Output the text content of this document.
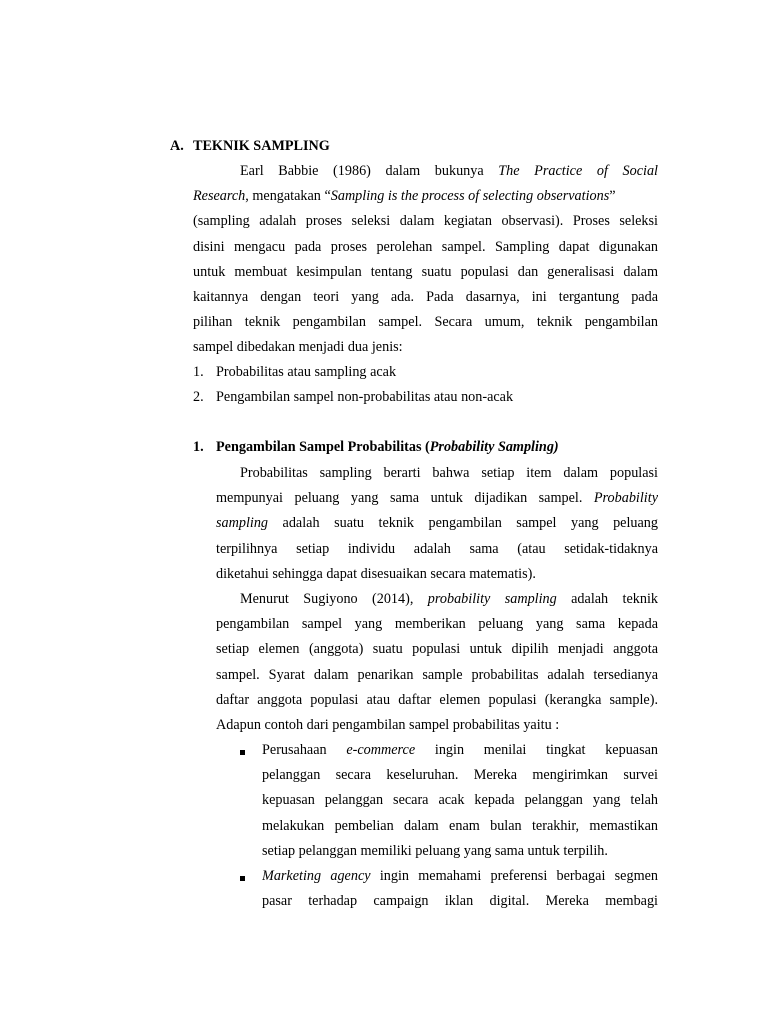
A. TEKNIK SAMPLING
Earl Babbie (1986) dalam bukunya The Practice of Social
Research, mengatakan “Sampling is the process of selecting observations”
(sampling adalah proses seleksi dalam kegiatan observasi). Proses seleksi
disini mengacu pada proses perolehan sampel. Sampling dapat digunakan
untuk membuat kesimpulan tentang suatu populasi dan generalisasi dalam
kaitannya dengan teori yang ada. Pada dasarnya, ini tergantung pada
pilihan teknik pengambilan sampel. Secara umum, teknik pengambilan
sampel dibedakan menjadi dua jenis:
1. Probabilitas atau sampling acak
2. Pengambilan sampel non-probabilitas atau non-acak
1. Pengambilan Sampel Probabilitas (Probability Sampling)
Probabilitas sampling berarti bahwa setiap item dalam populasi
mempunyai peluang yang sama untuk dijadikan sampel. Probability
sampling adalah suatu teknik pengambilan sampel yang peluang
terpilihnya setiap individu adalah sama (atau setidak-tidaknya
diketahui sehingga dapat disesuaikan secara matematis).
Menurut Sugiyono (2014), probability sampling adalah teknik
pengambilan sampel yang memberikan peluang yang sama kepada
setiap elemen (anggota) suatu populasi untuk dipilih menjadi anggota
sampel. Syarat dalam penarikan sample probabilitas adalah tersedianya
daftar anggota populasi atau daftar elemen populasi (kerangka sample).
Adapun contoh dari pengambilan sampel probabilitas yaitu :
Perusahaan e-commerce ingin menilai tingkat kepuasan
pelanggan secara keseluruhan. Mereka mengirimkan survei
kepuasan pelanggan secara acak kepada pelanggan yang telah
melakukan pembelian dalam enam bulan terakhir, memastikan
setiap pelanggan memiliki peluang yang sama untuk terpilih.
Marketing agency ingin memahami preferensi berbagai segmen
pasar terhadap campaign iklan digital. Mereka membagi
